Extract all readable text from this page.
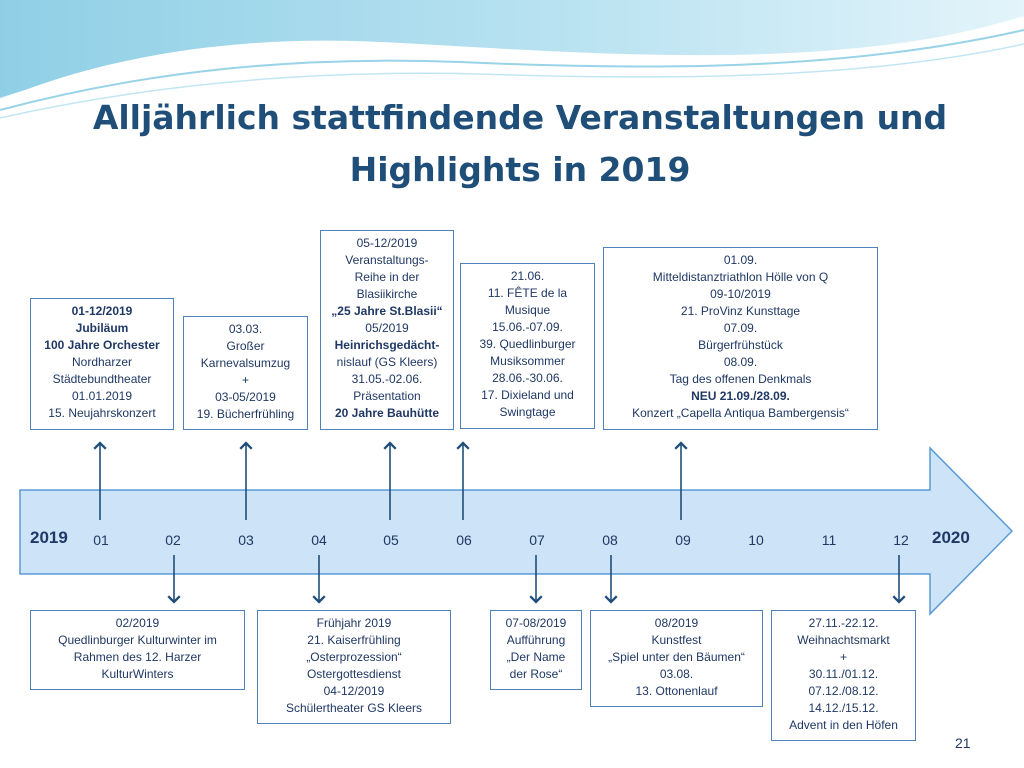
Alljährlich stattfindende Veranstaltungen und
Highlights in 2019
2019	2020
01	02	03	04	05	06	07	08	09	10	11	12
01-12/2019
Jubiläum
100 Jahre Orchester
Nordharzer
Städtebundtheater
01.01.2019
15. Neujahrskonzert
03.03.
Großer
Karnevalsumzug
+
03-05/2019
19. Bücherfrühling
05-12/2019
Veranstaltungs-
Reihe in der
Blasiikirche
„25 Jahre St.Blasii“
05/2019
Heinrichsgedächt-
nislauf (GS Kleers)
31.05.-02.06.
Präsentation
20 Jahre Bauhütte
21.06.
11. FÊTE de la
Musique
15.06.-07.09.
39. Quedlinburger
Musiksommer
28.06.-30.06.
17. Dixieland und
Swingtage
01.09.
Mitteldistanztriathlon Hölle von Q
09-10/2019
21. ProVinz Kunsttage
07.09.
Bürgerfrühstück
08.09.
Tag des offenen Denkmals
NEU 21.09./28.09.
Konzert „Capella Antiqua Bambergensis“
02/2019
Quedlinburger Kulturwinter im
Rahmen des 12. Harzer
KulturWinters
Frühjahr 2019
21. Kaiserfrühling
„Osterprozession“
Ostergottesdienst
04-12/2019
Schülertheater GS Kleers
07-08/2019
Aufführung
„Der Name
der Rose“
08/2019
Kunstfest
„Spiel unter den Bäumen“
03.08.
13. Ottonenlauf
27.11.-22.12.
Weihnachtsmarkt
+
30.11./01.12.
07.12./08.12.
14.12./15.12.
Advent in den Höfen
21
